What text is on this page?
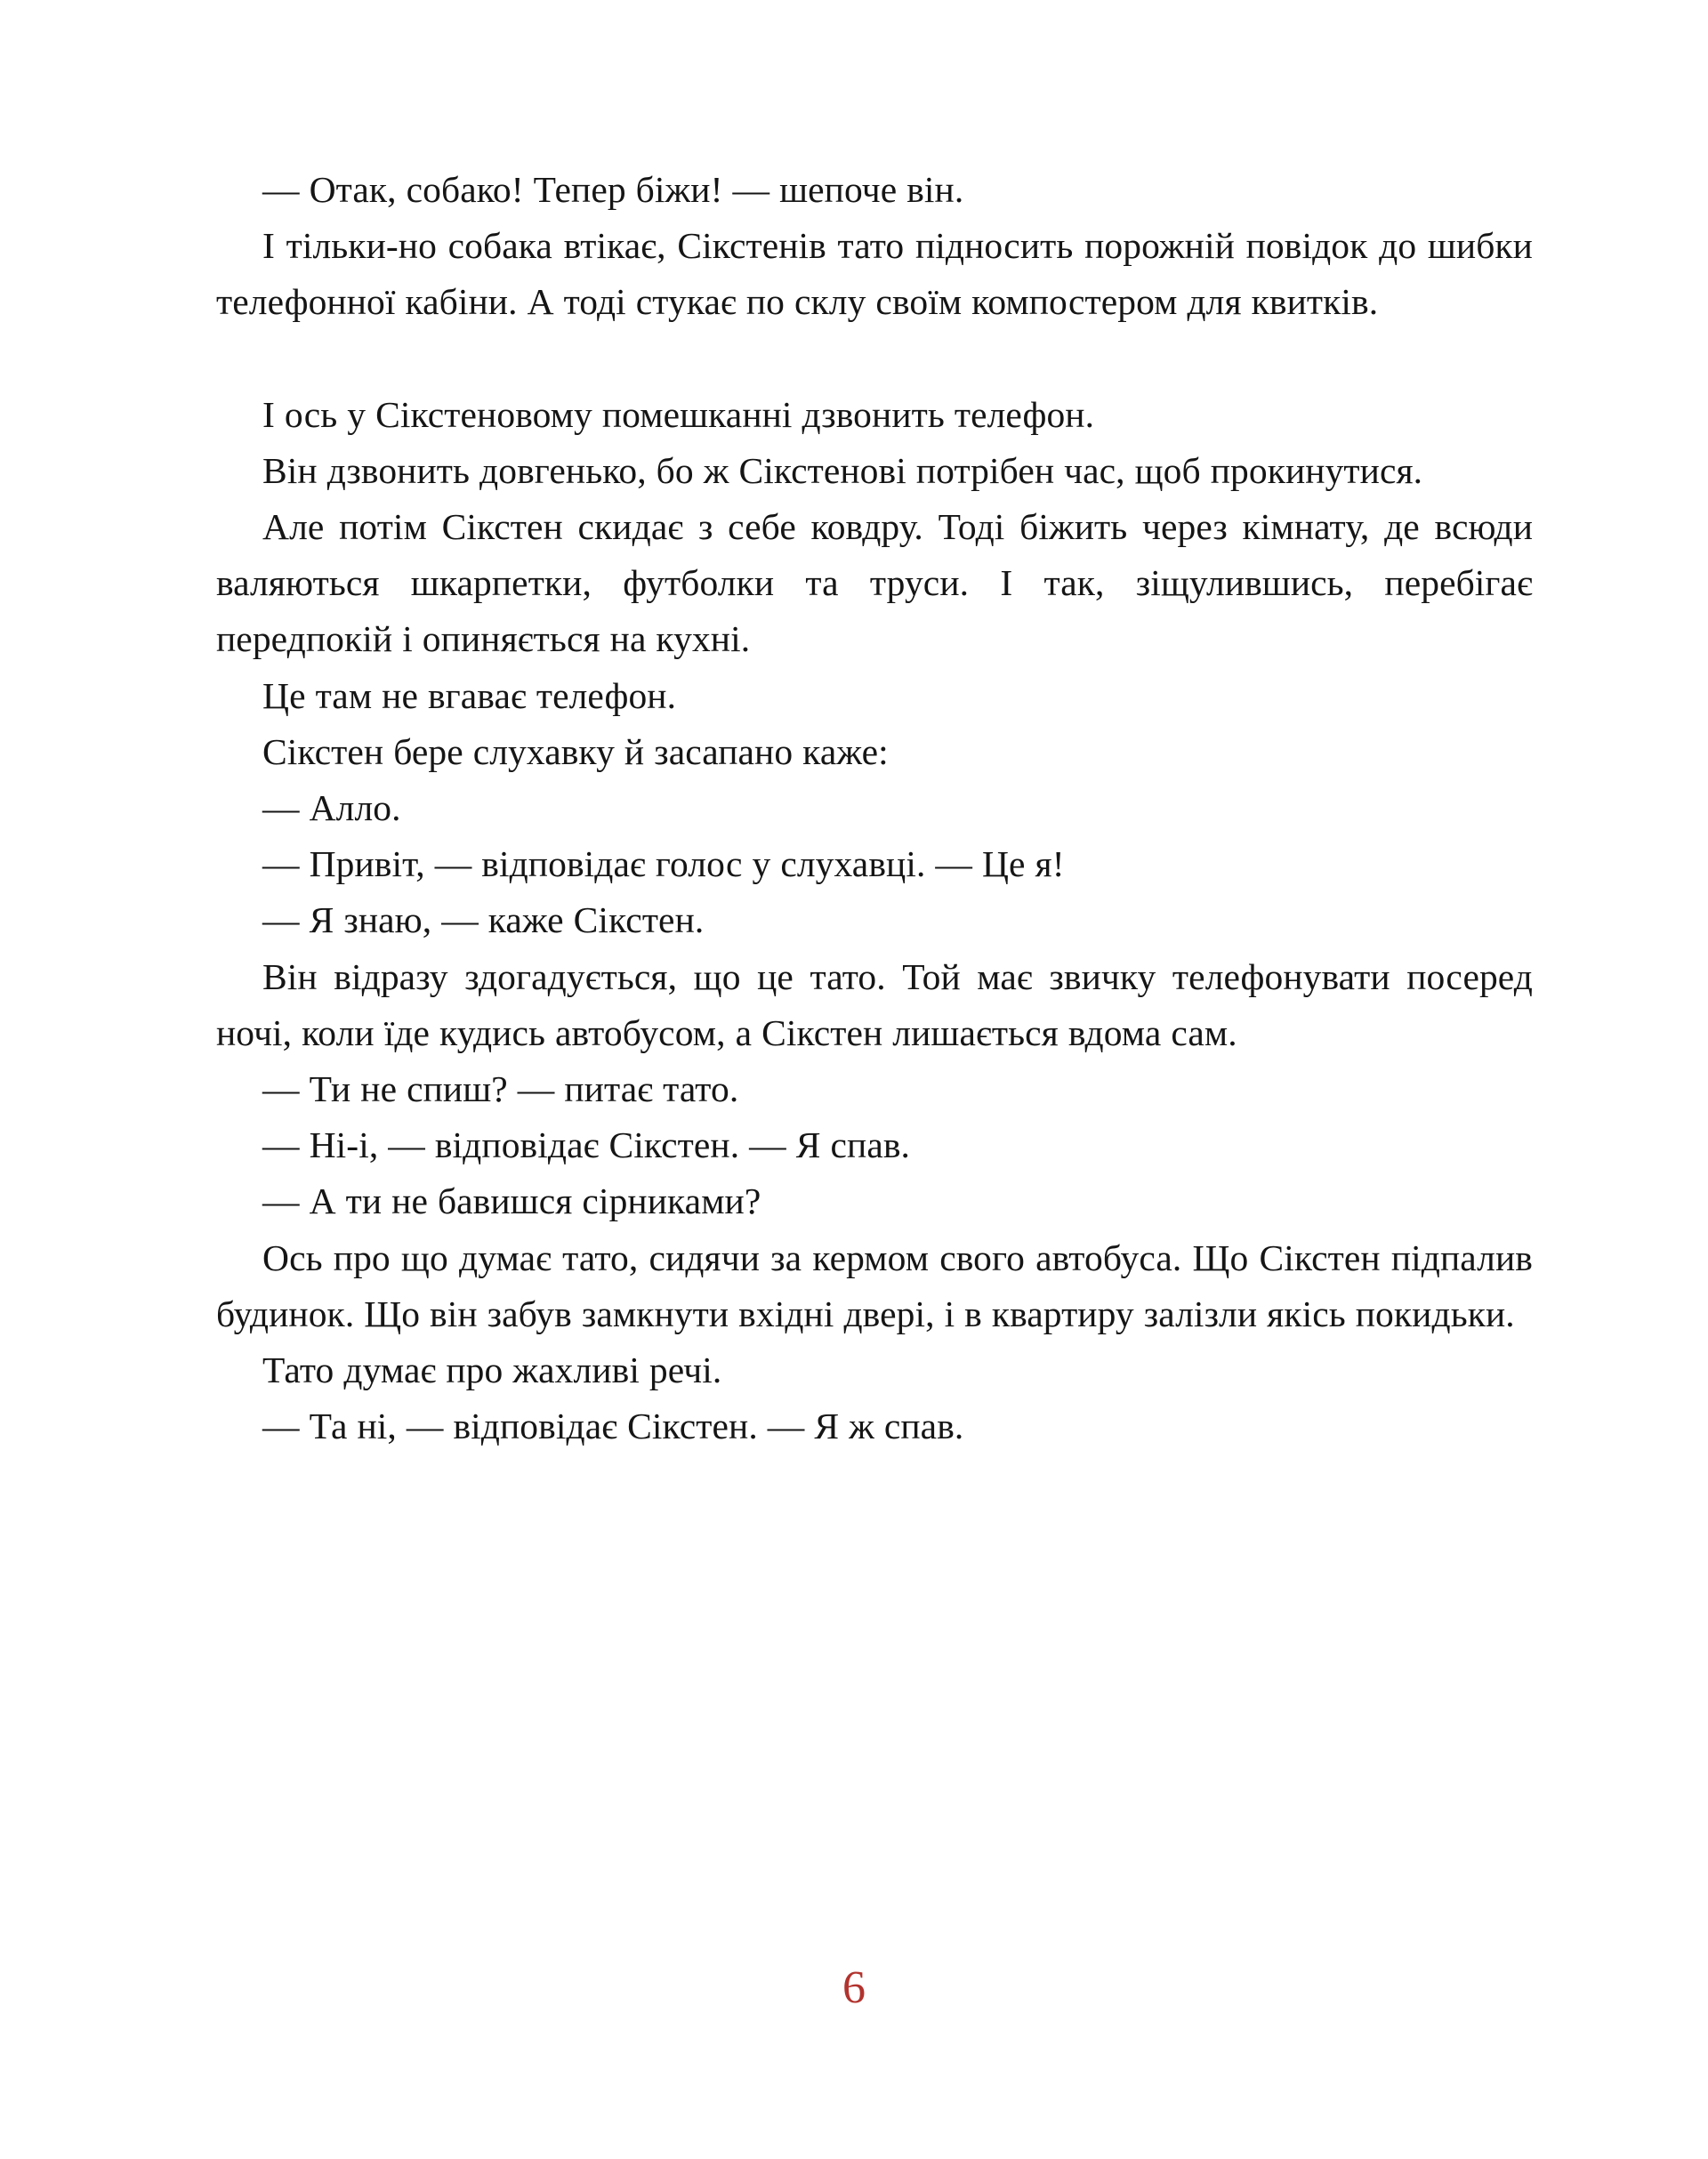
— Отак, собако! Тепер біжи! — шепоче він.

І тільки-но собака втікає, Сікстенів тато підносить порожній повідок до шибки телефонної кабіни. А тоді стукає по склу своїм компостером для квитків.

І ось у Сікстеновому помешканні дзвонить телефон.

Він дзвонить довгенько, бо ж Сікстенові потрібен час, щоб прокинутися.

Але потім Сікстен скидає з себе ковдру. Тоді біжить через кімнату, де всюди валяються шкарпетки, футболки та труси. І так, зіщулившись, перебігає передпокій і опиняється на кухні.

Це там не вгаває телефон.

Сікстен бере слухавку й засапано каже:

— Алло.

— Привіт, — відповідає голос у слухавці. — Це я!

— Я знаю, — каже Сікстен.

Він відразу здогадується, що це тато. Той має звичку телефонувати посеред ночі, коли їде кудись автобусом, а Сікстен лишається вдома сам.

— Ти не спиш? — питає тато.

— Ні-і, — відповідає Сікстен. — Я спав.

— А ти не бавишся сірниками?

Ось про що думає тато, сидячи за кермом свого автобуса. Що Сікстен підпалив будинок. Що він забув замкнути вхідні двері, і в квартиру залізли якісь покидьки.

Тато думає про жахливі речі.

— Та ні, — відповідає Сікстен. — Я ж спав.

6
